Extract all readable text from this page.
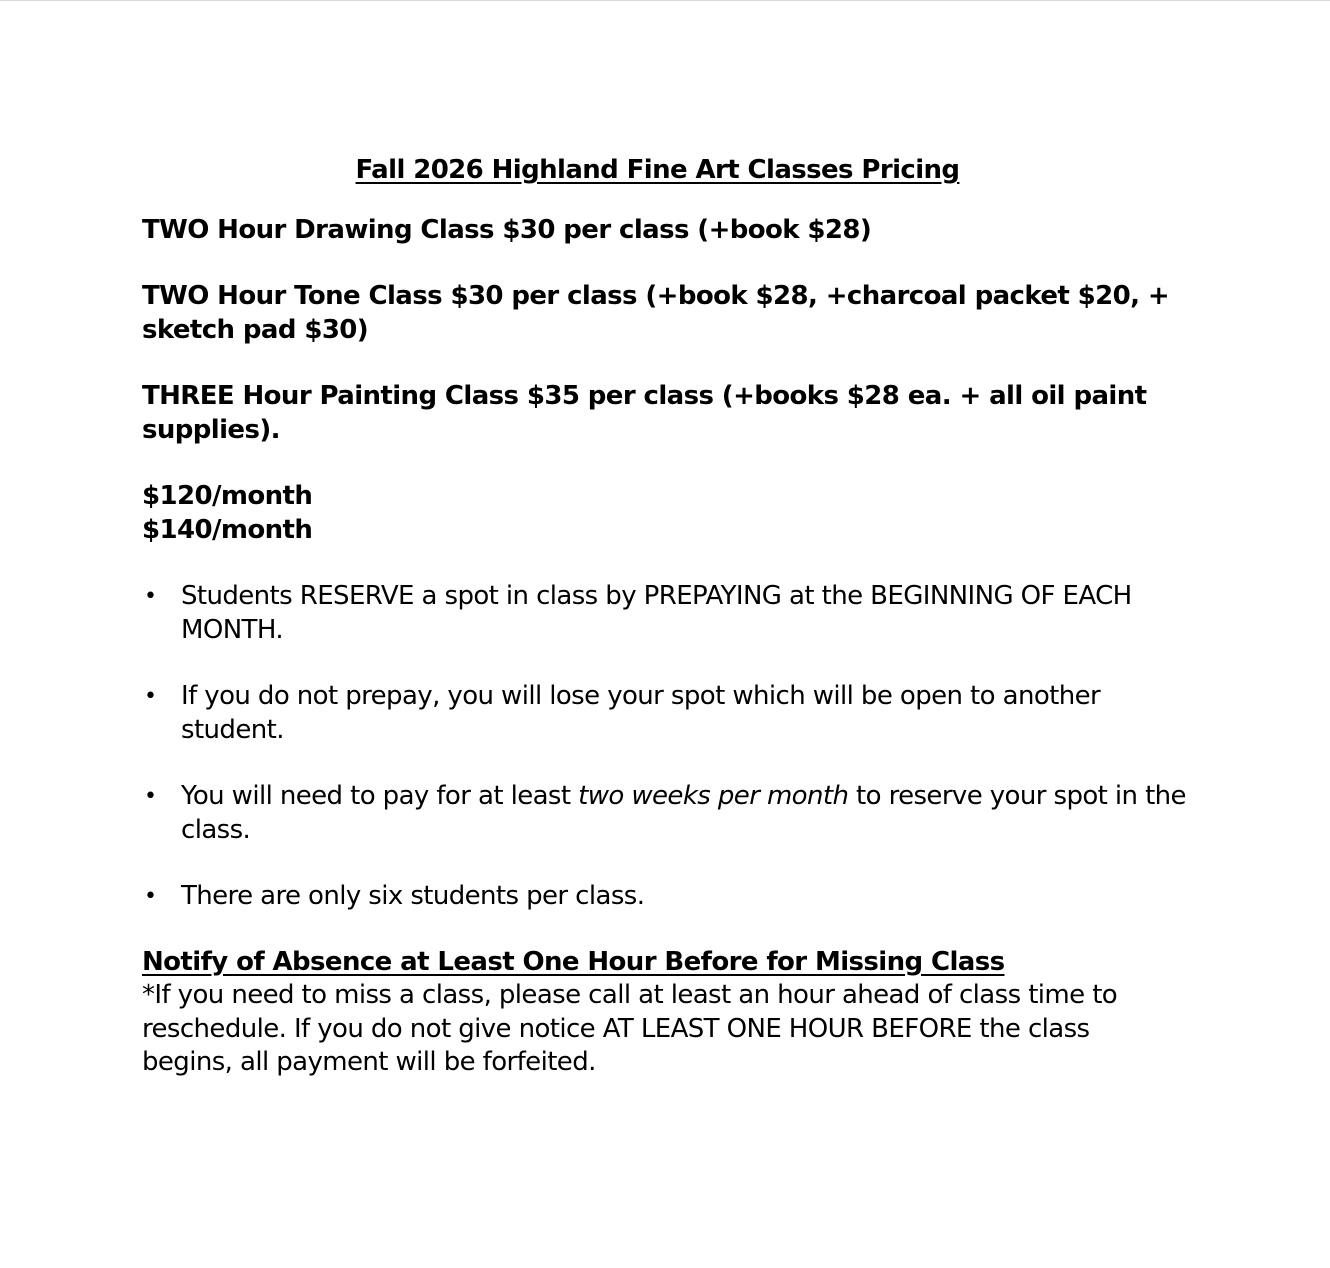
Fall 2026 Highland Fine Art Classes Pricing

TWO Hour Drawing Class $30 per class (+book $28)

TWO Hour Tone Class $30 per class (+book $28, +charcoal packet $20, + sketch pad $30)

THREE Hour Painting Class $35 per class (+books $28 ea. + all oil paint supplies).

$120/month

$140/month

• Students RESERVE a spot in class by PREPAYING at the BEGINNING OF EACH MONTH.
• If you do not prepay, you will lose your spot which will be open to another student.
• You will need to pay for at least two weeks per month to reserve your spot in the class.
• There are only six students per class.

Notify of Absence at Least One Hour Before for Missing Class

*If you need to miss a class, please call at least an hour ahead of class time to reschedule. If you do not give notice AT LEAST ONE HOUR BEFORE the class begins, all payment will be forfeited.
